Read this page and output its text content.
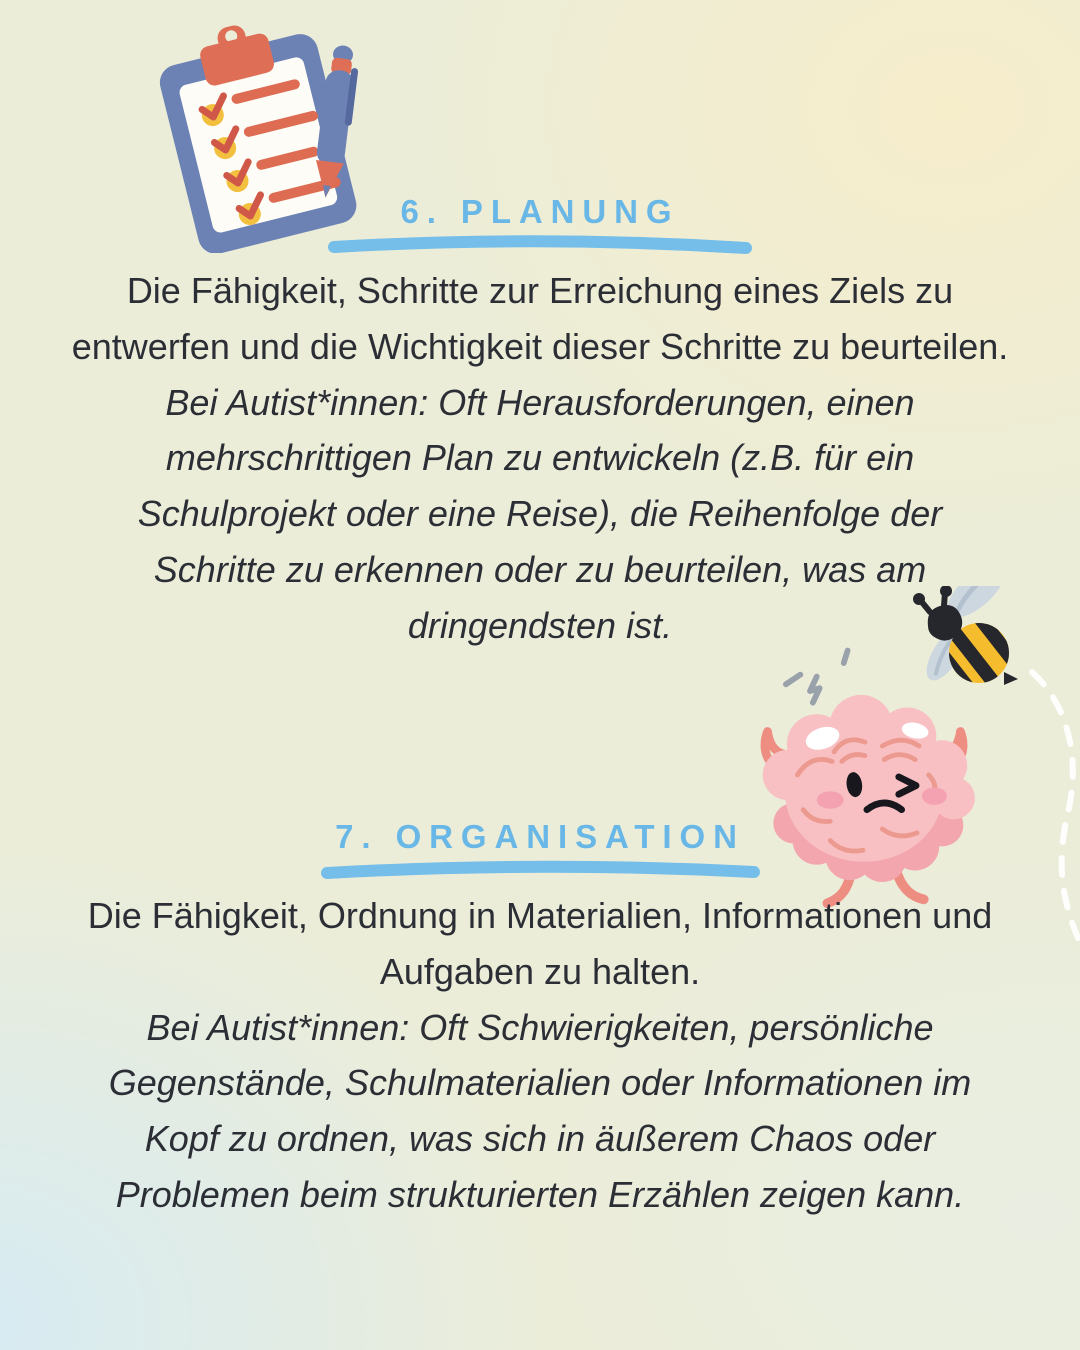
6. PLANUNG

Die Fähigkeit, Schritte zur Erreichung eines Ziels zu entwerfen und die Wichtigkeit dieser Schritte zu beurteilen.

Bei Autist*innen: Oft Herausforderungen, einen mehrschrittigen Plan zu entwickeln (z.B. für ein Schulprojekt oder eine Reise), die Reihenfolge der Schritte zu erkennen oder zu beurteilen, was am dringendsten ist.

7. ORGANISATION

Die Fähigkeit, Ordnung in Materialien, Informationen und Aufgaben zu halten.

Bei Autist*innen: Oft Schwierigkeiten, persönliche Gegenstände, Schulmaterialien oder Informationen im Kopf zu ordnen, was sich in äußerem Chaos oder Problemen beim strukturierten Erzählen zeigen kann.
